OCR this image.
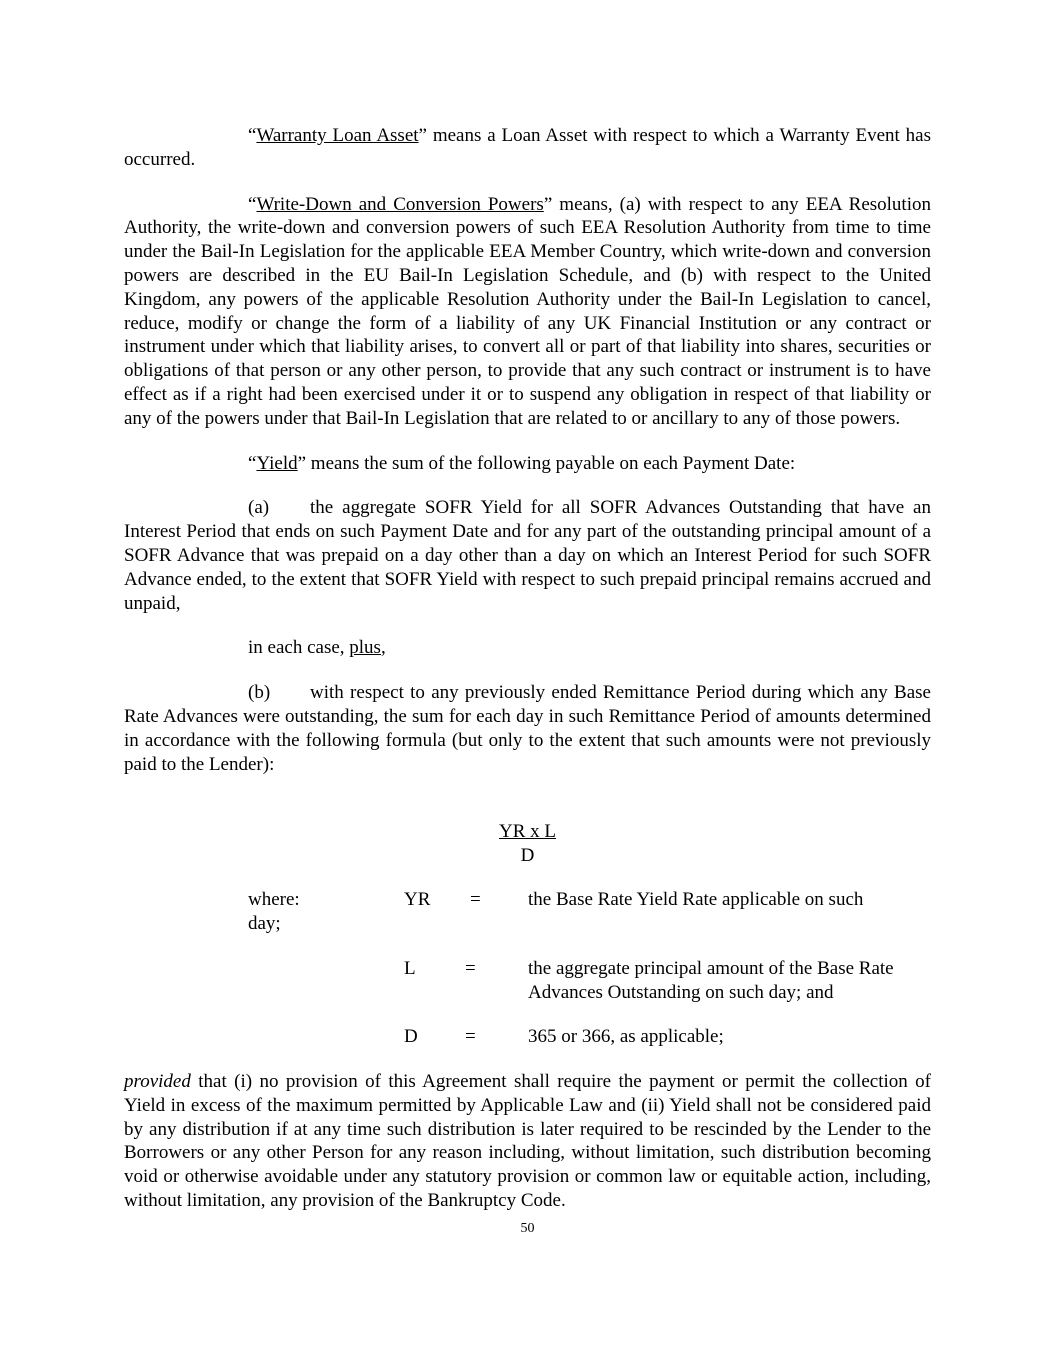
“Warranty Loan Asset” means a Loan Asset with respect to which a Warranty Event has occurred.

“Write-Down and Conversion Powers” means, (a) with respect to any EEA Resolution Authority, the write-down and conversion powers of such EEA Resolution Authority from time to time under the Bail-In Legislation for the applicable EEA Member Country, which write-down and conversion powers are described in the EU Bail-In Legislation Schedule, and (b) with respect to the United Kingdom, any powers of the applicable Resolution Authority under the Bail-In Legislation to cancel, reduce, modify or change the form of a liability of any UK Financial Institution or any contract or instrument under which that liability arises, to convert all or part of that liability into shares, securities or obligations of that person or any other person, to provide that any such contract or instrument is to have effect as if a right had been exercised under it or to suspend any obligation in respect of that liability or any of the powers under that Bail-In Legislation that are related to or ancillary to any of those powers.

“Yield” means the sum of the following payable on each Payment Date:

(a) the aggregate SOFR Yield for all SOFR Advances Outstanding that have an Interest Period that ends on such Payment Date and for any part of the outstanding principal amount of a SOFR Advance that was prepaid on a day other than a day on which an Interest Period for such SOFR Advance ended, to the extent that SOFR Yield with respect to such prepaid principal remains accrued and unpaid,

in each case, plus,

(b) with respect to any previously ended Remittance Period during which any Base Rate Advances were outstanding, the sum for each day in such Remittance Period of amounts determined in accordance with the following formula (but only to the extent that such amounts were not previously paid to the Lender):

YR x L
D
where:	YR = the Base Rate Yield Rate applicable on such
day;
L	=	the aggregate principal amount of the Base Rate Advances Outstanding on such day; and
D =	365 or 366, as applicable;

provided that (i) no provision of this Agreement shall require the payment or permit the collection of Yield in excess of the maximum permitted by Applicable Law and (ii) Yield shall not be considered paid by any distribution if at any time such distribution is later required to be rescinded by the Lender to the Borrowers or any other Person for any reason including, without limitation, such distribution becoming void or otherwise avoidable under any statutory provision or common law or equitable action, including, without limitation, any provision of the Bankruptcy Code.

50
